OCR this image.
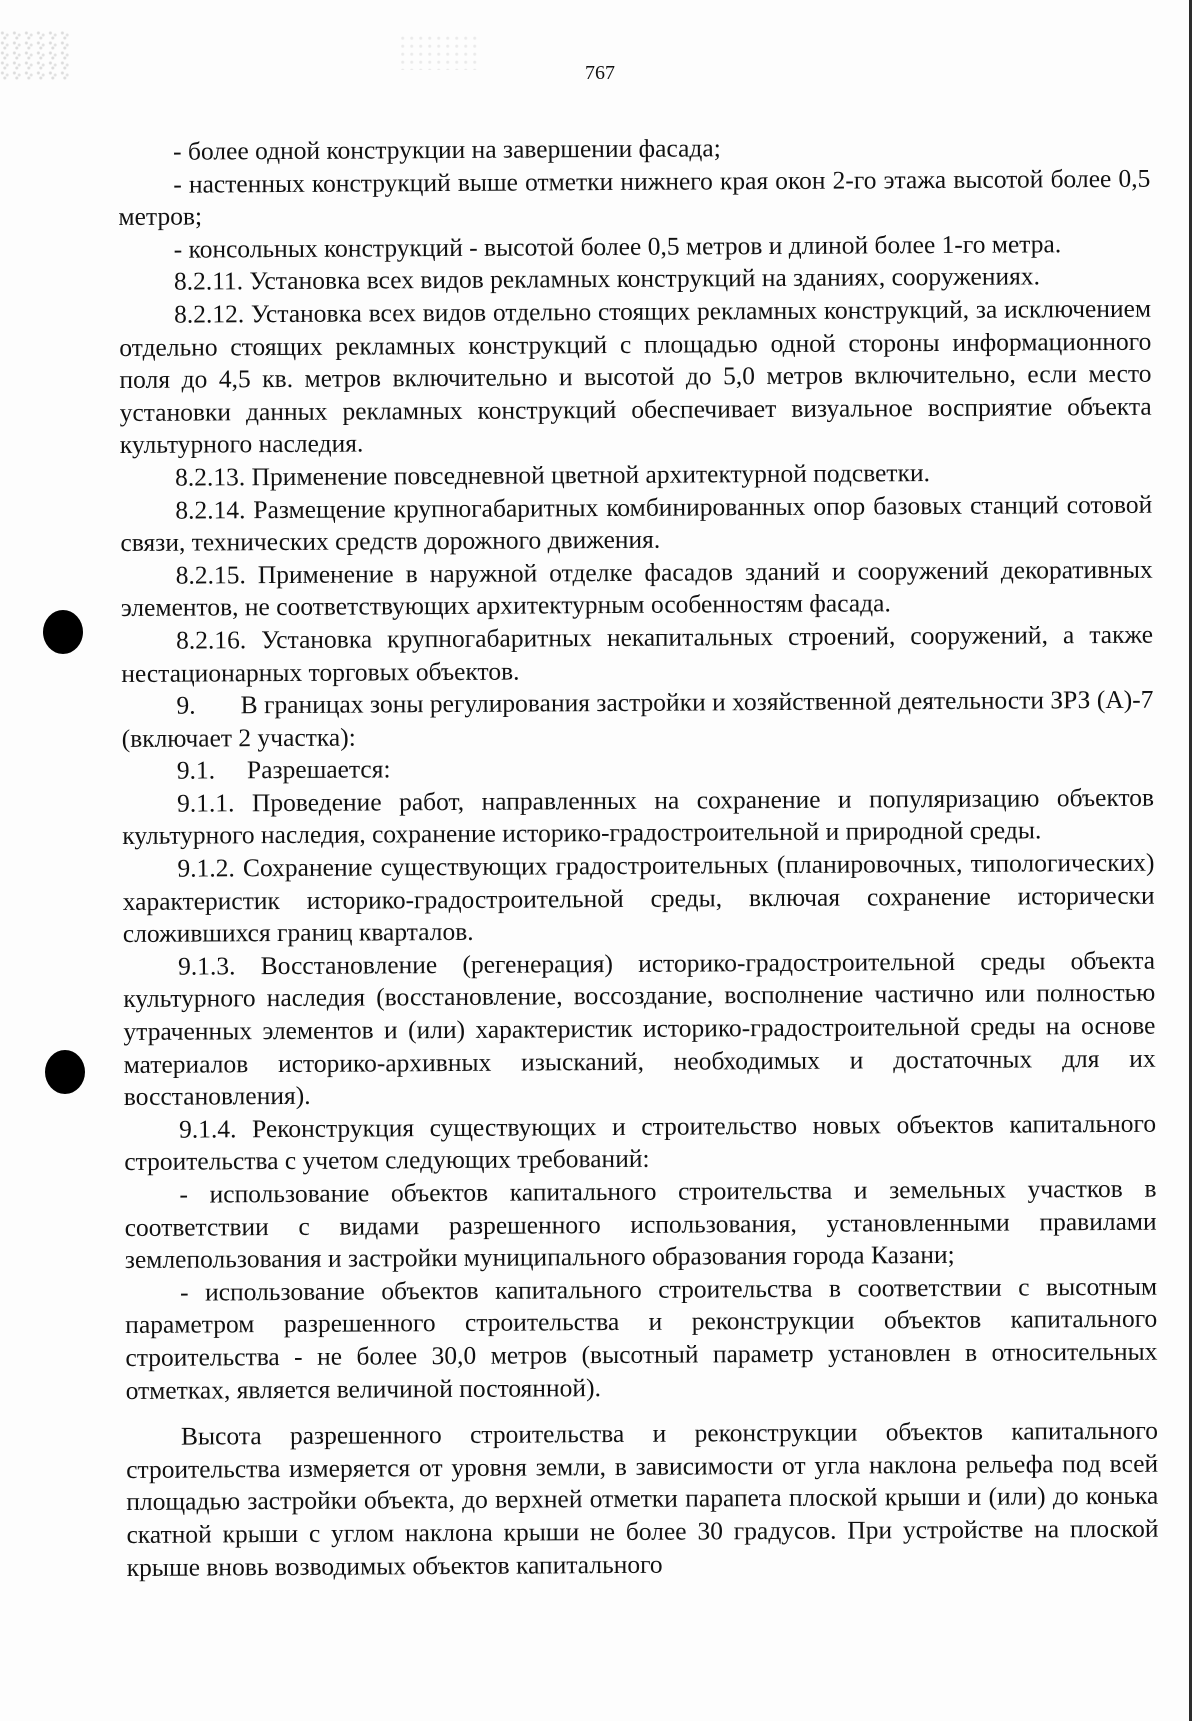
767

- более одной конструкции на завершении фасада;

- настенных конструкций выше отметки нижнего края окон 2-го этажа высотой более 0,5 метров;

- консольных конструкций - высотой более 0,5 метров и длиной более 1-го метра.

8.2.11. Установка всех видов рекламных конструкций на зданиях, сооружениях.

8.2.12. Установка всех видов отдельно стоящих рекламных конструкций, за исключением отдельно стоящих рекламных конструкций с площадью одной стороны информационного поля до 4,5 кв. метров включительно и высотой до 5,0 метров включительно, если место установки данных рекламных конструкций обеспечивает визуальное восприятие объекта культурного наследия.

8.2.13. Применение повседневной цветной архитектурной подсветки.

8.2.14. Размещение крупногабаритных комбинированных опор базовых станций сотовой связи, технических средств дорожного движения.

8.2.15. Применение в наружной отделке фасадов зданий и сооружений декоративных элементов, не соответствующих архитектурным особенностям фасада.

8.2.16. Установка крупногабаритных некапитальных строений, сооружений, а также нестационарных торговых объектов.

9.       В границах зоны регулирования застройки и хозяйственной деятельности ЗРЗ (А)-7 (включает 2 участка):

9.1.     Разрешается:

9.1.1. Проведение работ, направленных на сохранение и популяризацию объектов культурного наследия, сохранение историко-градостроительной и природной среды.

9.1.2. Сохранение существующих градостроительных (планировочных, типологических) характеристик историко-градостроительной среды, включая сохранение исторически сложившихся границ кварталов.

9.1.3. Восстановление (регенерация) историко-градостроительной среды объекта культурного наследия (восстановление, воссоздание, восполнение частично или полностью утраченных элементов и (или) характеристик историко-градостроительной среды на основе материалов историко-архивных изысканий, необходимых и достаточных для их восстановления).

9.1.4. Реконструкция существующих и строительство новых объектов капитального строительства с учетом следующих требований:

- использование объектов капитального строительства и земельных участков в соответствии с видами разрешенного использования, установленными правилами землепользования и застройки муниципального образования города Казани;

- использование объектов капитального строительства в соответствии с высотным параметром разрешенного строительства и реконструкции объектов капитального строительства - не более 30,0 метров (высотный параметр установлен в относительных отметках, является величиной постоянной).

Высота разрешенного строительства и реконструкции объектов капитального строительства измеряется от уровня земли, в зависимости от угла наклона рельефа под всей площадью застройки объекта, до верхней отметки парапета плоской крыши и (или) до конька скатной крыши с углом наклона крыши не более 30 градусов. При устройстве на плоской крыше вновь возводимых объектов капитального
